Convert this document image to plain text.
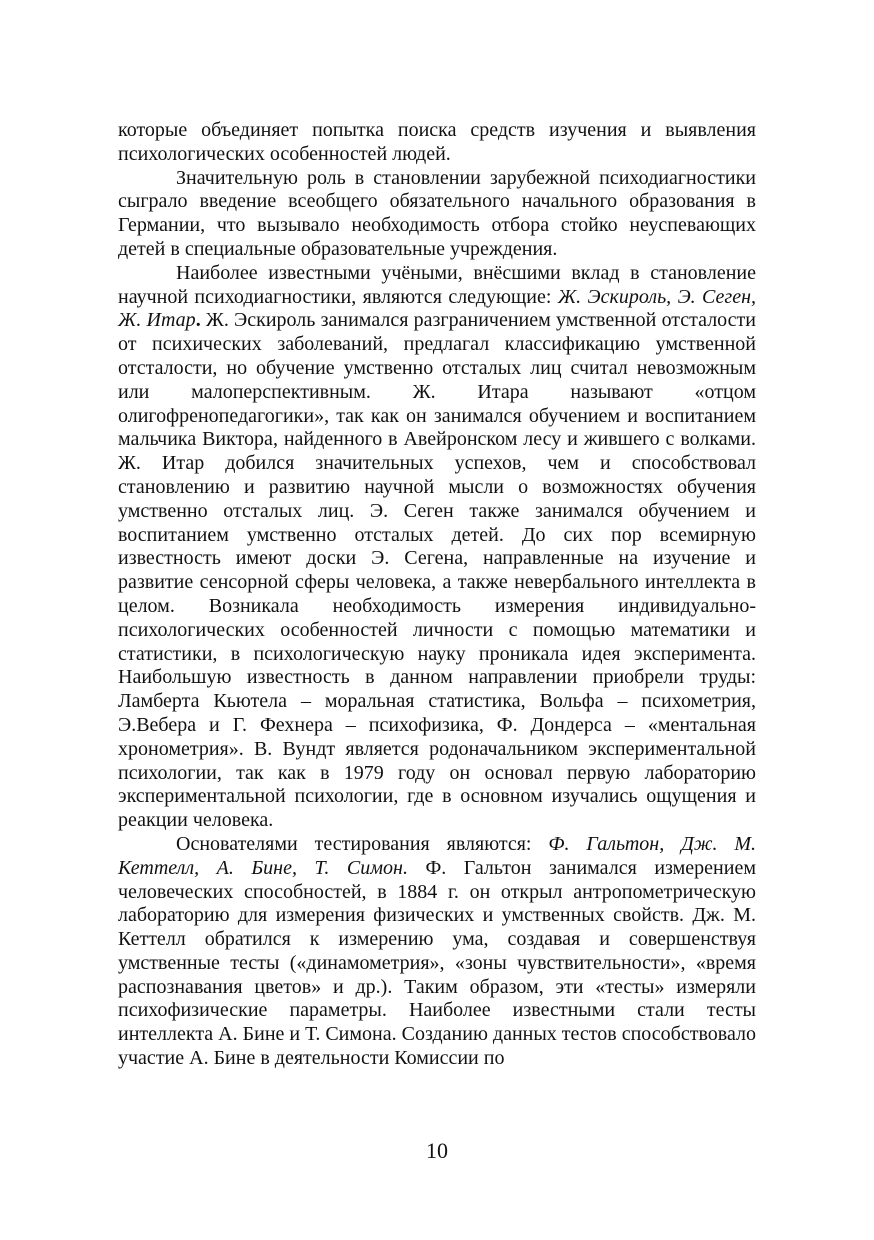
которые объединяет попытка поиска средств изучения и выявления психологических особенностей людей.

Значительную роль в становлении зарубежной психодиагностики сыграло введение всеобщего обязательного начального образования в Германии, что вызывало необходимость отбора стойко неуспевающих детей в специальные образовательные учреждения.

Наиболее известными учёными, внёсшими вклад в становление научной психодиагностики, являются следующие: Ж. Эскироль, Э. Сеген, Ж. Итар. Ж. Эскироль занимался разграничением умственной отсталости от психических заболеваний, предлагал классификацию умственной отсталости, но обучение умственно отсталых лиц считал невозможным или малоперспективным. Ж. Итара называют «отцом олигофренопедагогики», так как он занимался обучением и воспитанием мальчика Виктора, найденного в Авейронском лесу и жившего с волками. Ж. Итар добился значительных успехов, чем и способствовал становлению и развитию научной мысли о возможностях обучения умственно отсталых лиц. Э. Сеген также занимался обучением и воспитанием умственно отсталых детей. До сих пор всемирную известность имеют доски Э. Сегена, направленные на изучение и развитие сенсорной сферы человека, а также невербального интеллекта в целом. Возникала необходимость измерения индивидуально-психологических особенностей личности с помощью математики и статистики, в психологическую науку проникала идея эксперимента. Наибольшую известность в данном направлении приобрели труды: Ламберта Кьютела – моральная статистика, Вольфа – психометрия, Э.Вебера и Г. Фехнера – психофизика, Ф. Дондерса – «ментальная хронометрия». В. Вундт является родоначальником экспериментальной психологии, так как в 1979 году он основал первую лабораторию экспериментальной психологии, где в основном изучались ощущения и реакции человека.

Основателями тестирования являются: Ф. Гальтон, Дж. М. Кеттелл, А. Бине, Т. Симон. Ф. Гальтон занимался измерением человеческих способностей, в 1884 г. он открыл антропометрическую лабораторию для измерения физических и умственных свойств. Дж. М. Кеттелл обратился к измерению ума, создавая и совершенствуя умственные тесты («динамометрия», «зоны чувствительности», «время распознавания цветов» и др.). Таким образом, эти «тесты» измеряли психофизические параметры. Наиболее известными стали тесты интеллекта А. Бине и Т. Симона. Созданию данных тестов способствовало участие А. Бине в деятельности Комиссии по

10
